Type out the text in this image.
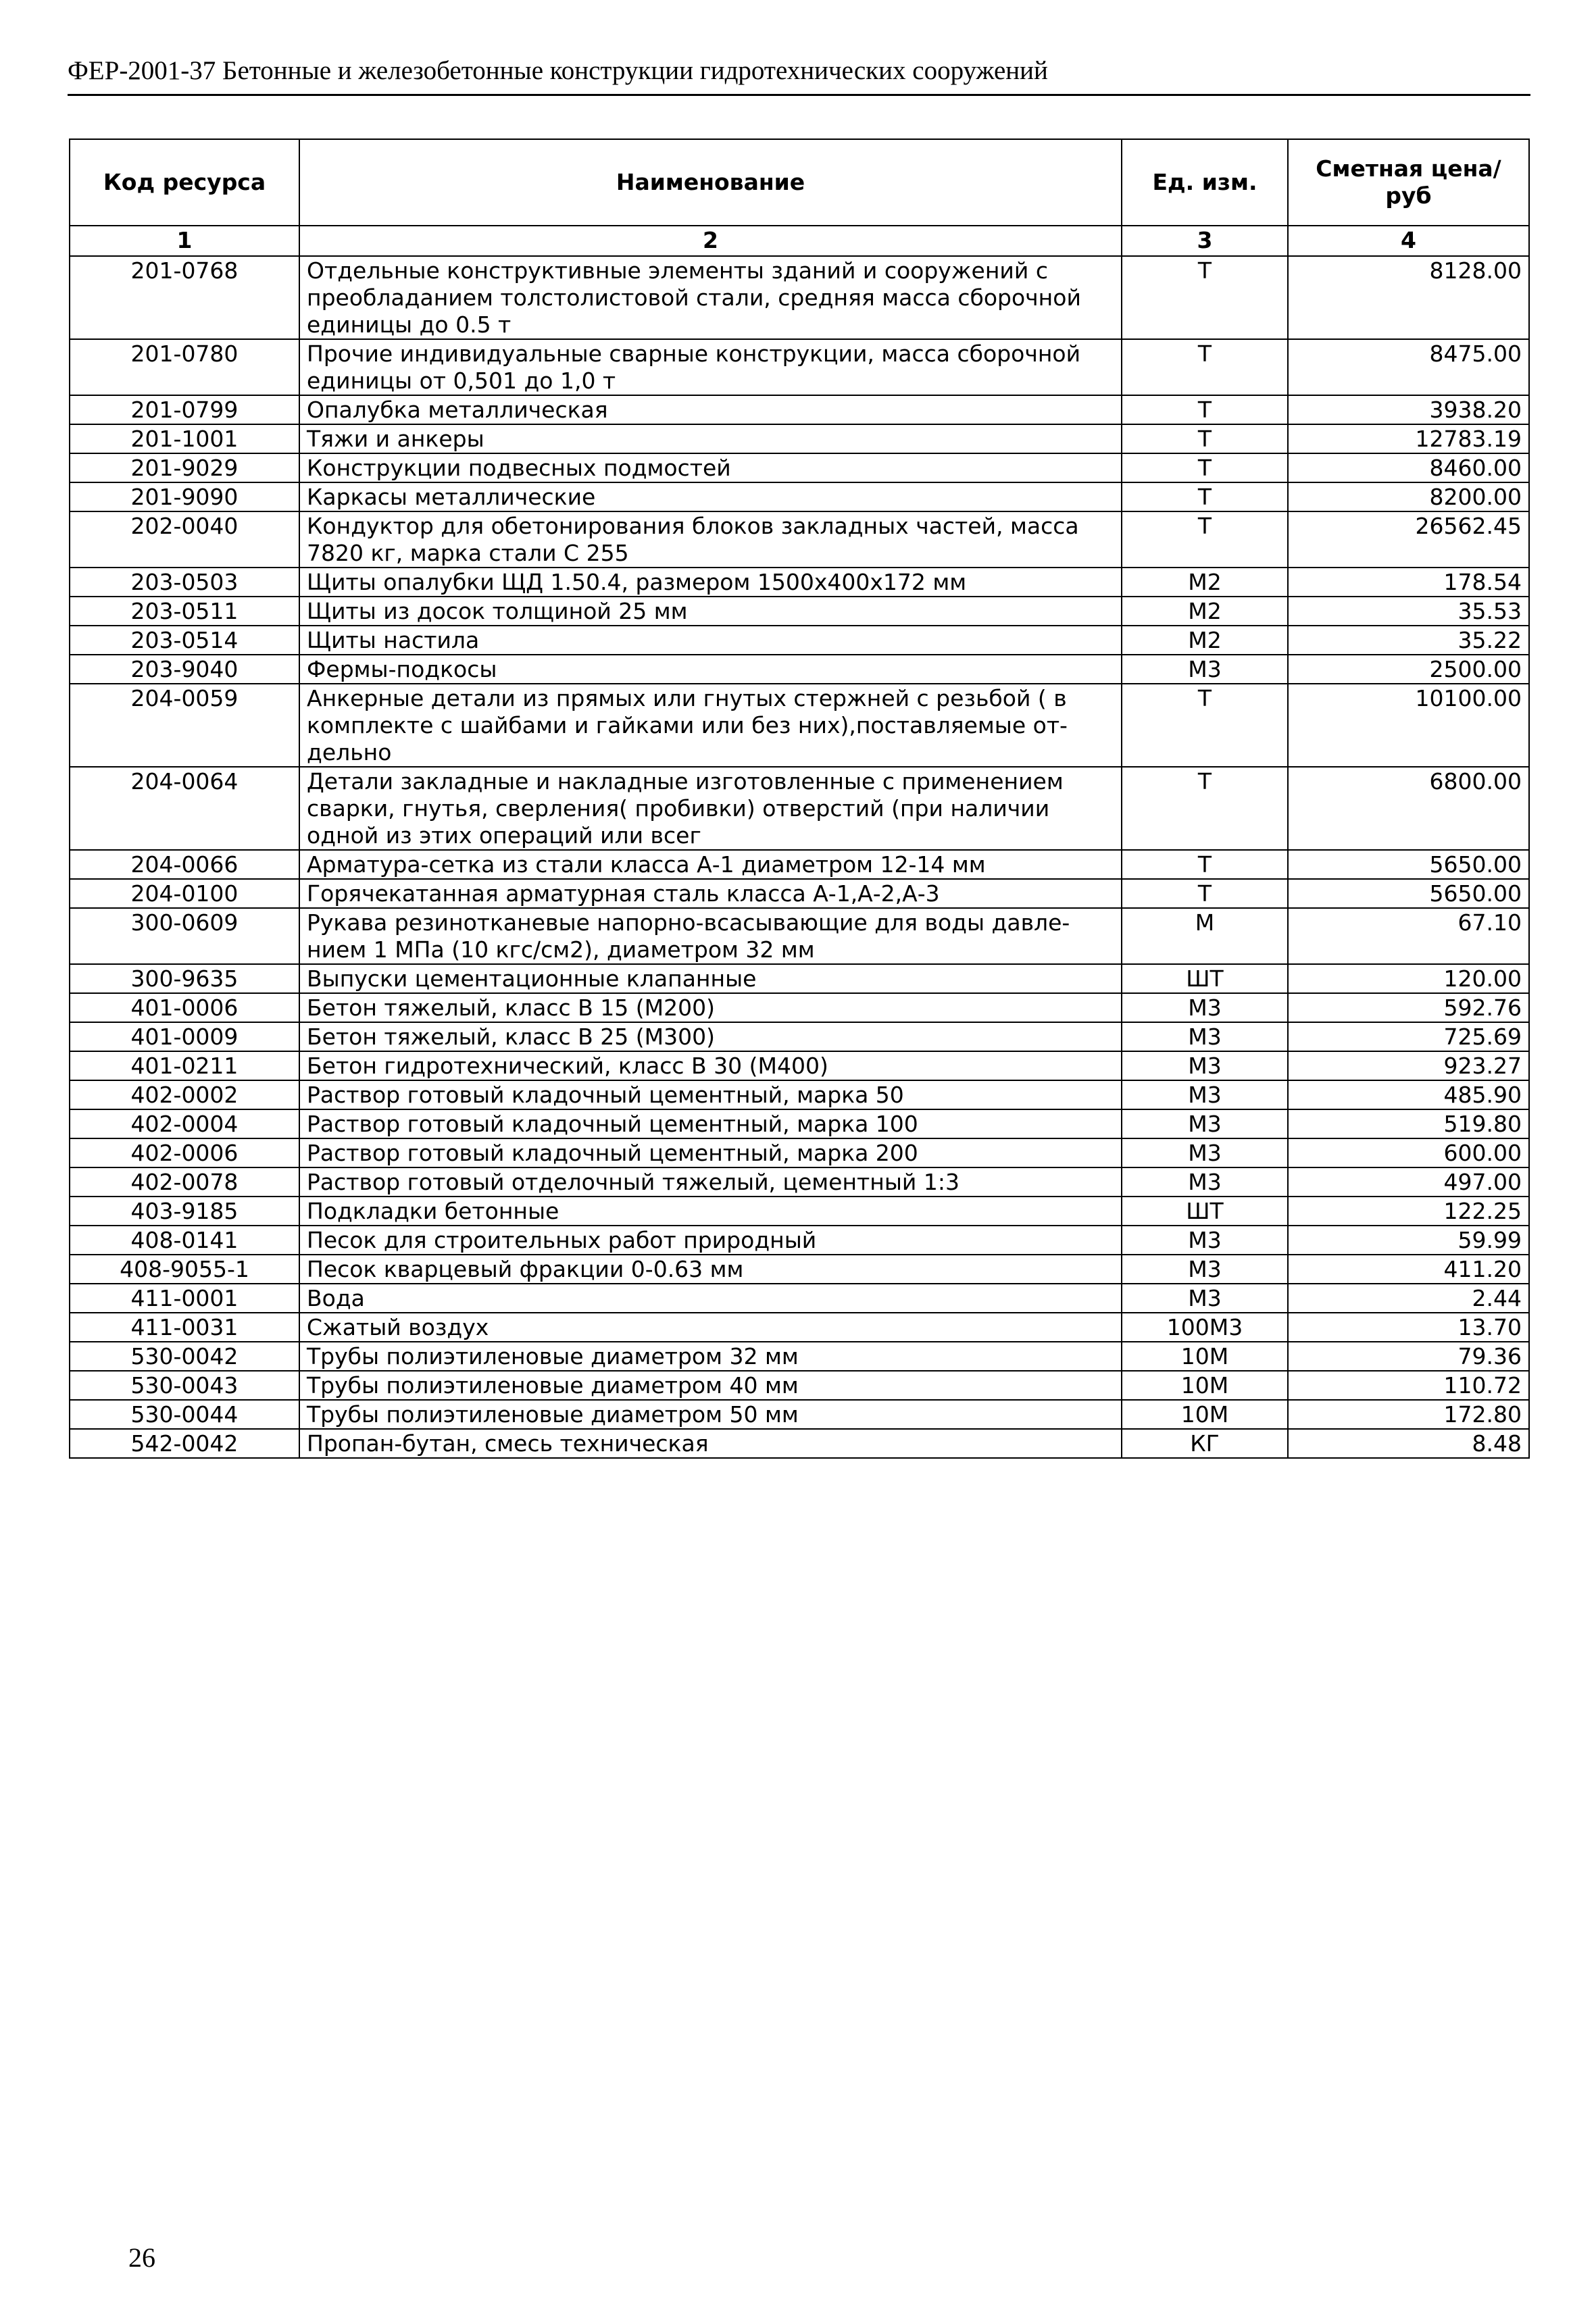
ФЕР-2001-37 Бетонные и железобетонные конструкции гидротехнических сооружений
Код ресурса	Наименование	Ед. изм.	Сметная цена/руб
1	2	3	4
201-0768	Отдельные конструктивные элементы зданий и сооружений с преобладанием толстолистовой стали, средняя масса сборочной единицы до 0.5 т	Т	8128.00
201-0780	Прочие индивидуальные сварные конструкции, масса сборочной единицы от 0,501 до 1,0 т	Т	8475.00
201-0799	Опалубка металлическая	Т	3938.20
201-1001	Тяжи и анкеры	Т	12783.19
201-9029	Конструкции подвесных подмостей	Т	8460.00
201-9090	Каркасы металлические	Т	8200.00
202-0040	Кондуктор для обетонирования блоков закладных частей, масса 7820 кг, марка стали С 255	Т	26562.45
203-0503	Щиты опалубки ЩД 1.50.4, размером 1500х400х172 мм	М2	178.54
203-0511	Щиты из досок толщиной 25 мм	М2	35.53
203-0514	Щиты настила	М2	35.22
203-9040	Фермы-подкосы	М3	2500.00
204-0059	Анкерные детали из прямых или гнутых стержней с резьбой ( в комплекте с шайбами и гайками или без них),поставляемые от-дельно	Т	10100.00
204-0064	Детали закладные и накладные изготовленные с применением сварки, гнутья, сверления( пробивки) отверстий (при наличии одной из этих операций или всег	Т	6800.00
204-0066	Арматура-сетка из стали класса А-1 диаметром 12-14 мм	Т	5650.00
204-0100	Горячекатанная арматурная сталь класса А-1,А-2,А-3	Т	5650.00
300-0609	Рукава резинотканевые напорно-всасывающие для воды давле-нием 1 МПа (10 кгс/см2), диаметром 32 мм	М	67.10
300-9635	Выпуски цементационные клапанные	ШТ	120.00
401-0006	Бетон тяжелый, класс В 15 (М200)	М3	592.76
401-0009	Бетон тяжелый, класс В 25 (М300)	М3	725.69
401-0211	Бетон гидротехнический, класс В 30 (М400)	М3	923.27
402-0002	Раствор готовый кладочный цементный, марка 50	М3	485.90
402-0004	Раствор готовый кладочный цементный, марка 100	М3	519.80
402-0006	Раствор готовый кладочный цементный, марка 200	М3	600.00
402-0078	Раствор готовый отделочный тяжелый, цементный 1:3	М3	497.00
403-9185	Подкладки бетонные	ШТ	122.25
408-0141	Песок для строительных работ природный	М3	59.99
408-9055-1	Песок кварцевый фракции 0-0.63 мм	М3	411.20
411-0001	Вода	М3	2.44
411-0031	Сжатый воздух	100М3	13.70
530-0042	Трубы полиэтиленовые диаметром 32 мм	10М	79.36
530-0043	Трубы полиэтиленовые диаметром 40 мм	10М	110.72
530-0044	Трубы полиэтиленовые диаметром 50 мм	10М	172.80
542-0042	Пропан-бутан, смесь техническая	КГ	8.48
26
